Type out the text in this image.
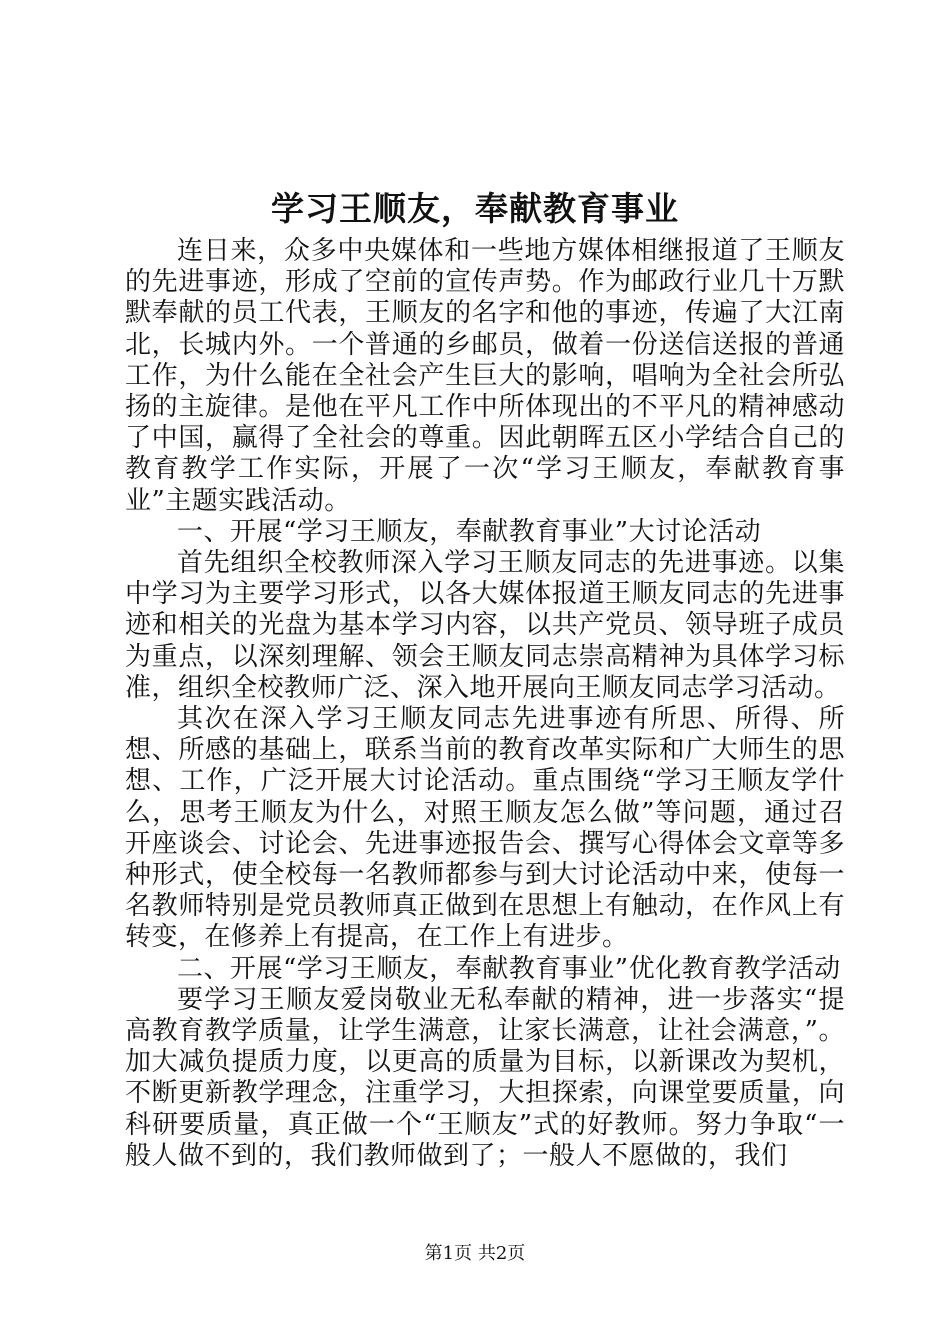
学习王顺友，奉献教育事业

连日来，众多中央媒体和一些地方媒体相继报道了王顺友的先进事迹，形成了空前的宣传声势。作为邮政行业几十万默默奉献的员工代表，王顺友的名字和他的事迹，传遍了大江南北，长城内外。一个普通的乡邮员，做着一份送信送报的普通工作，为什么能在全社会产生巨大的影响，唱响为全社会所弘扬的主旋律。是他在平凡工作中所体现出的不平凡的精神感动了中国，赢得了全社会的尊重。因此朝晖五区小学结合自己的教育教学工作实际，开展了一次“学习王顺友，奉献教育事业”主题实践活动。

一、开展“学习王顺友，奉献教育事业”大讨论活动

首先组织全校教师深入学习王顺友同志的先进事迹。以集中学习为主要学习形式，以各大媒体报道王顺友同志的先进事迹和相关的光盘为基本学习内容，以共产党员、领导班子成员为重点，以深刻理解、领会王顺友同志崇高精神为具体学习标准，组织全校教师广泛、深入地开展向王顺友同志学习活动。

其次在深入学习王顺友同志先进事迹有所思、所得、所想、所感的基础上，联系当前的教育改革实际和广大师生的思想、工作，广泛开展大讨论活动。重点围绕“学习王顺友学什么，思考王顺友为什么，对照王顺友怎么做”等问题，通过召开座谈会、讨论会、先进事迹报告会、撰写心得体会文章等多种形式，使全校每一名教师都参与到大讨论活动中来，使每一名教师特别是党员教师真正做到在思想上有触动，在作风上有转变，在修养上有提高，在工作上有进步。

二、开展“学习王顺友，奉献教育事业”优化教育教学活动

要学习王顺友爱岗敬业无私奉献的精神，进一步落实“提高教育教学质量，让学生满意，让家长满意，让社会满意，”。加大减负提质力度，以更高的质量为目标，以新课改为契机，不断更新教学理念，注重学习，大担探索，向课堂要质量，向科研要质量，真正做一个“王顺友”式的好教师。努力争取“一般人做不到的，我们教师做到了；一般人不愿做的，我们

第1页 共2页
